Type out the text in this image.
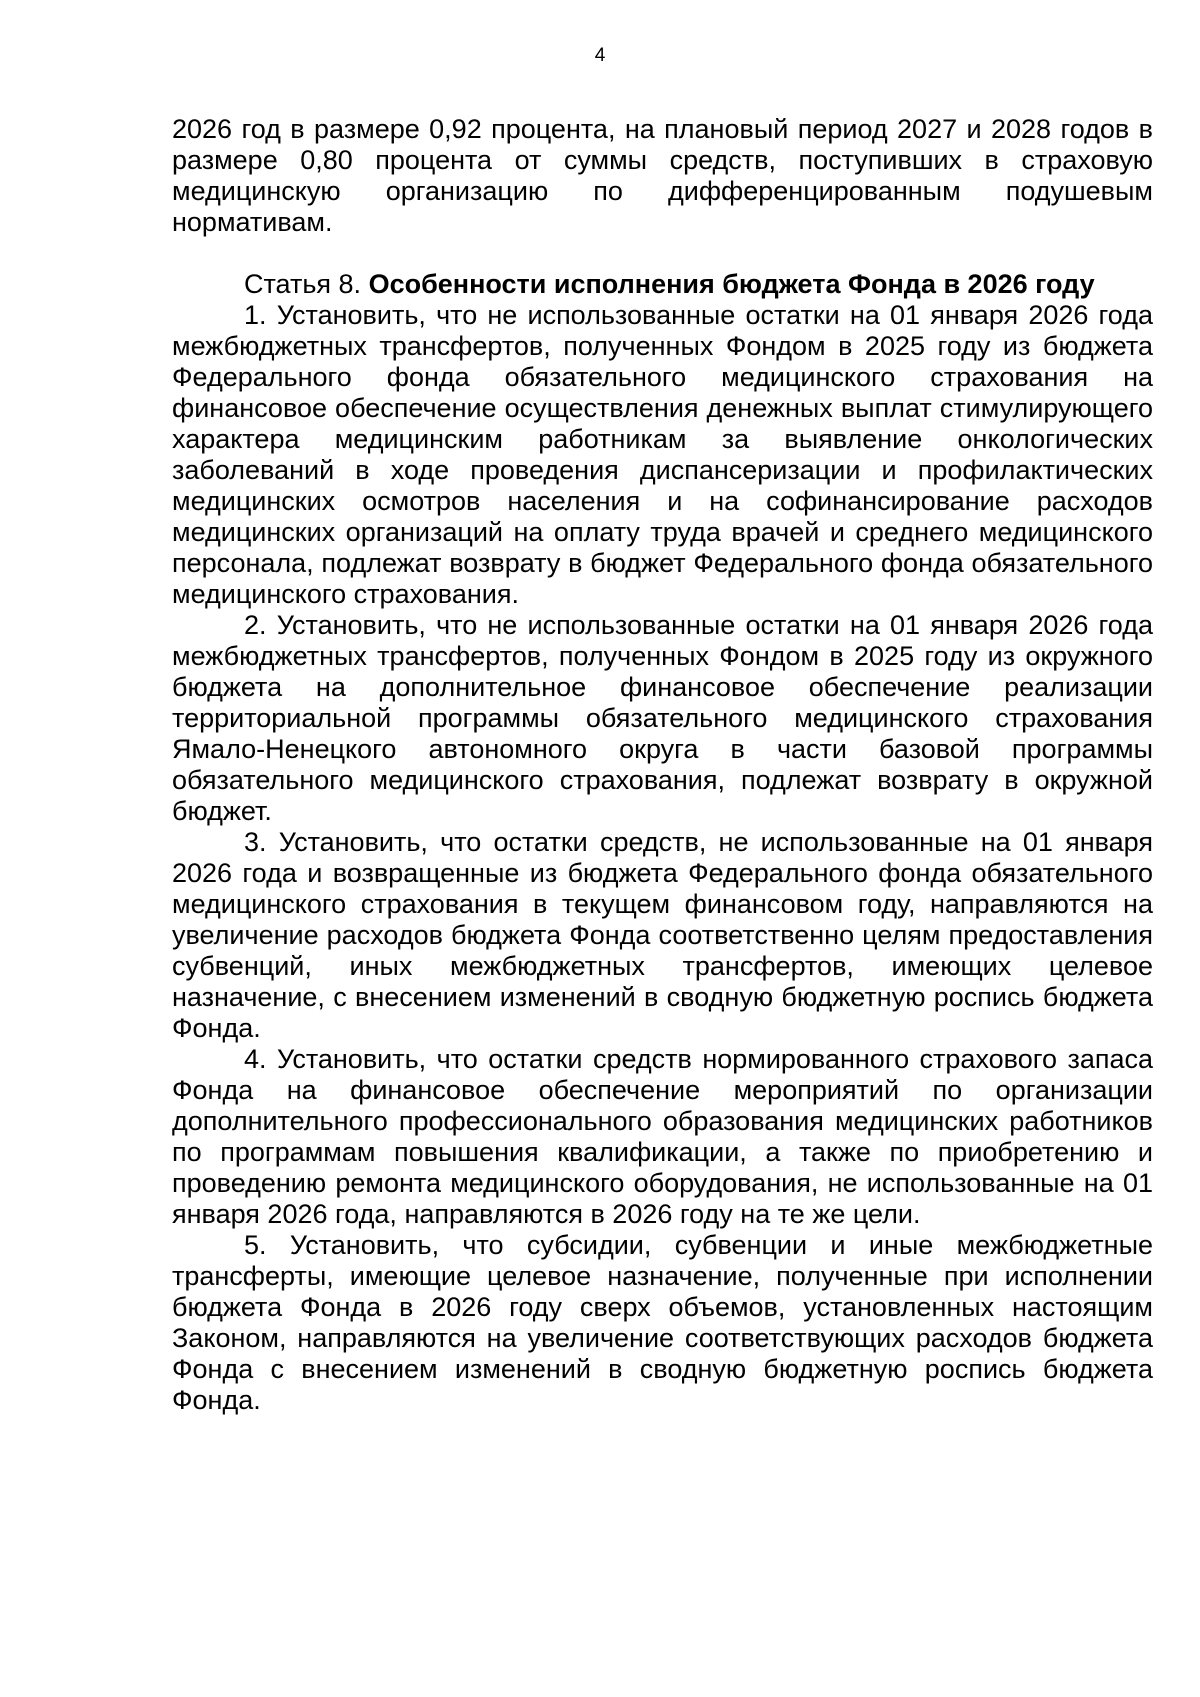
4

2026 год в размере 0,92 процента, на плановый период 2027 и 2028 годов в размере 0,80 процента от суммы средств, поступивших в страховую медицинскую организацию по дифференцированным подушевым нормативам.

Статья 8. Особенности исполнения бюджета Фонда в 2026 году

1. Установить, что не использованные остатки на 01 января 2026 года межбюджетных трансфертов, полученных Фондом в 2025 году из бюджета Федерального фонда обязательного медицинского страхования на финансовое обеспечение осуществления денежных выплат стимулирующего характера медицинским работникам за выявление онкологических заболеваний в ходе проведения диспансеризации и профилактических медицинских осмотров населения и на софинансирование расходов медицинских организаций на оплату труда врачей и среднего медицинского персонала, подлежат возврату в бюджет Федерального фонда обязательного медицинского страхования.

2. Установить, что не использованные остатки на 01 января 2026 года межбюджетных трансфертов, полученных Фондом в 2025 году из окружного бюджета на дополнительное финансовое обеспечение реализации территориальной программы обязательного медицинского страхования Ямало-Ненецкого автономного округа в части базовой программы обязательного медицинского страхования, подлежат возврату в окружной бюджет.

3. Установить, что остатки средств, не использованные на 01 января 2026 года и возвращенные из бюджета Федерального фонда обязательного медицинского страхования в текущем финансовом году, направляются на увеличение расходов бюджета Фонда соответственно целям предоставления субвенций, иных межбюджетных трансфертов, имеющих целевое назначение, с внесением изменений в сводную бюджетную роспись бюджета Фонда.

4. Установить, что остатки средств нормированного страхового запаса Фонда на финансовое обеспечение мероприятий по организации дополнительного профессионального образования медицинских работников по программам повышения квалификации, а также по приобретению и проведению ремонта медицинского оборудования, не использованные на 01 января 2026 года, направляются в 2026 году на те же цели.

5. Установить, что субсидии, субвенции и иные межбюджетные трансферты, имеющие целевое назначение, полученные при исполнении бюджета Фонда в 2026 году сверх объемов, установленных настоящим Законом, направляются на увеличение соответствующих расходов бюджета Фонда с внесением изменений в сводную бюджетную роспись бюджета Фонда.
